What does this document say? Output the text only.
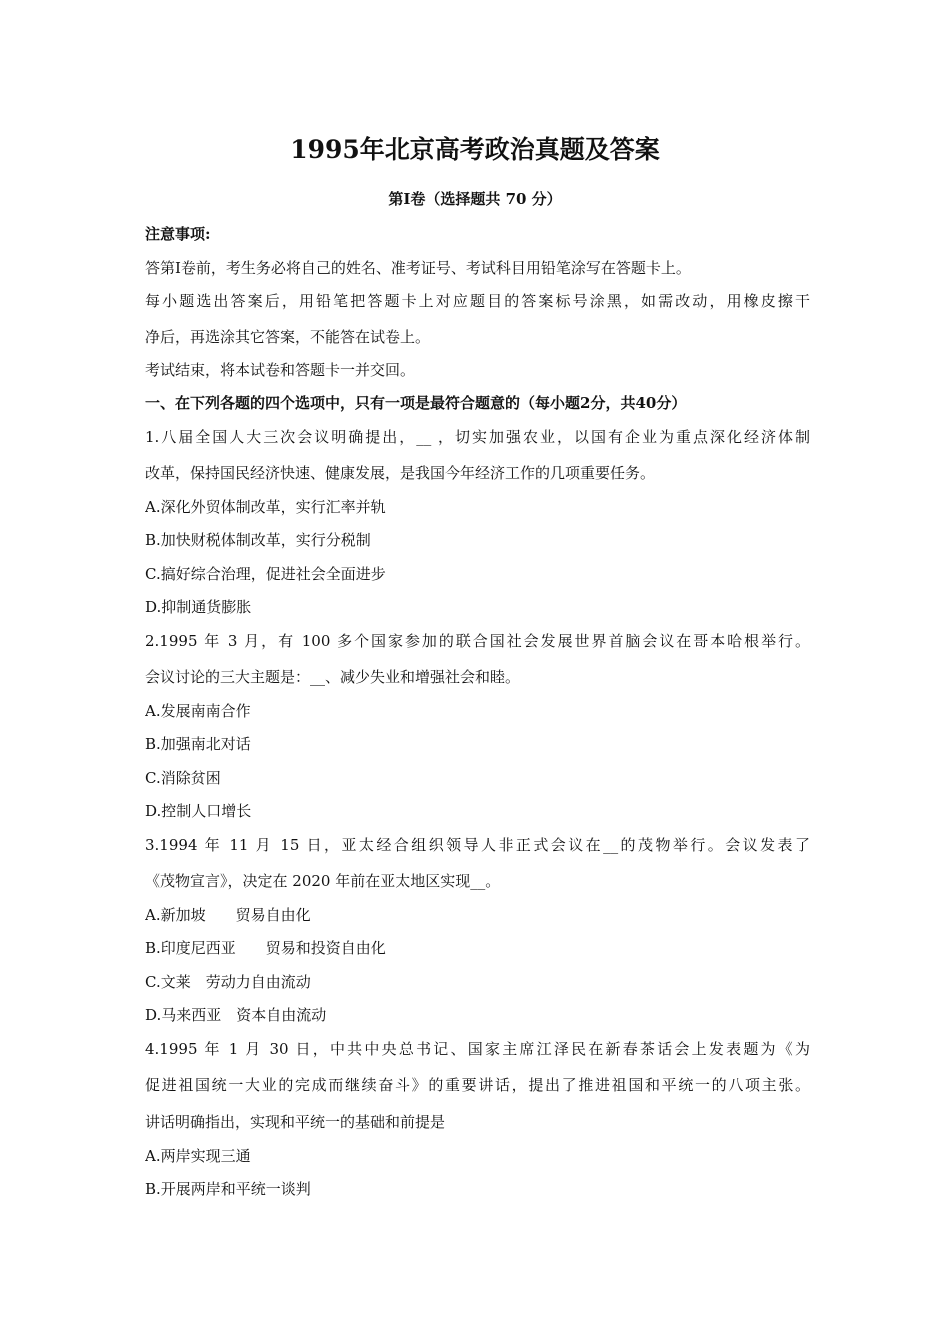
1995年北京高考政治真题及答案
第Ⅰ卷（选择题共 70 分）
注意事项:
答第Ⅰ卷前，考生务必将自己的姓名、准考证号、考试科目用铅笔涂写在答题卡上。
每小题选出答案后，用铅笔把答题卡上对应题目的答案标号涂黑，如需改动，用橡皮擦干
净后，再选涂其它答案，不能答在试卷上。
考试结束，将本试卷和答题卡一并交回。
一、在下列各题的四个选项中，只有一项是最符合题意的（每小题2分，共40分）
1.八届全国人大三次会议明确提出，__ ，切实加强农业，以国有企业为重点深化经济体制
改革，保持国民经济快速、健康发展，是我国今年经济工作的几项重要任务。
A.深化外贸体制改革，实行汇率并轨
B.加快财税体制改革，实行分税制
C.搞好综合治理，促进社会全面进步
D.抑制通货膨胀
2.1995 年 3 月，有 100 多个国家参加的联合国社会发展世界首脑会议在哥本哈根举行。
会议讨论的三大主题是：__、减少失业和增强社会和睦。
A.发展南南合作
B.加强南北对话
C.消除贫困
D.控制人口增长
3.1994 年 11 月 15 日，亚太经合组织领导人非正式会议在__的茂物举行。会议发表了
《茂物宣言》，决定在 2020 年前在亚太地区实现__。
A.新加坡　　贸易自由化
B.印度尼西亚　　贸易和投资自由化
C.文莱　劳动力自由流动
D.马来西亚　资本自由流动
4.1995 年 1 月 30 日，中共中央总书记、国家主席江泽民在新春茶话会上发表题为《为
促进祖国统一大业的完成而继续奋斗》的重要讲话，提出了推进祖国和平统一的八项主张。
讲话明确指出，实现和平统一的基础和前提是
A.两岸实现三通
B.开展两岸和平统一谈判
